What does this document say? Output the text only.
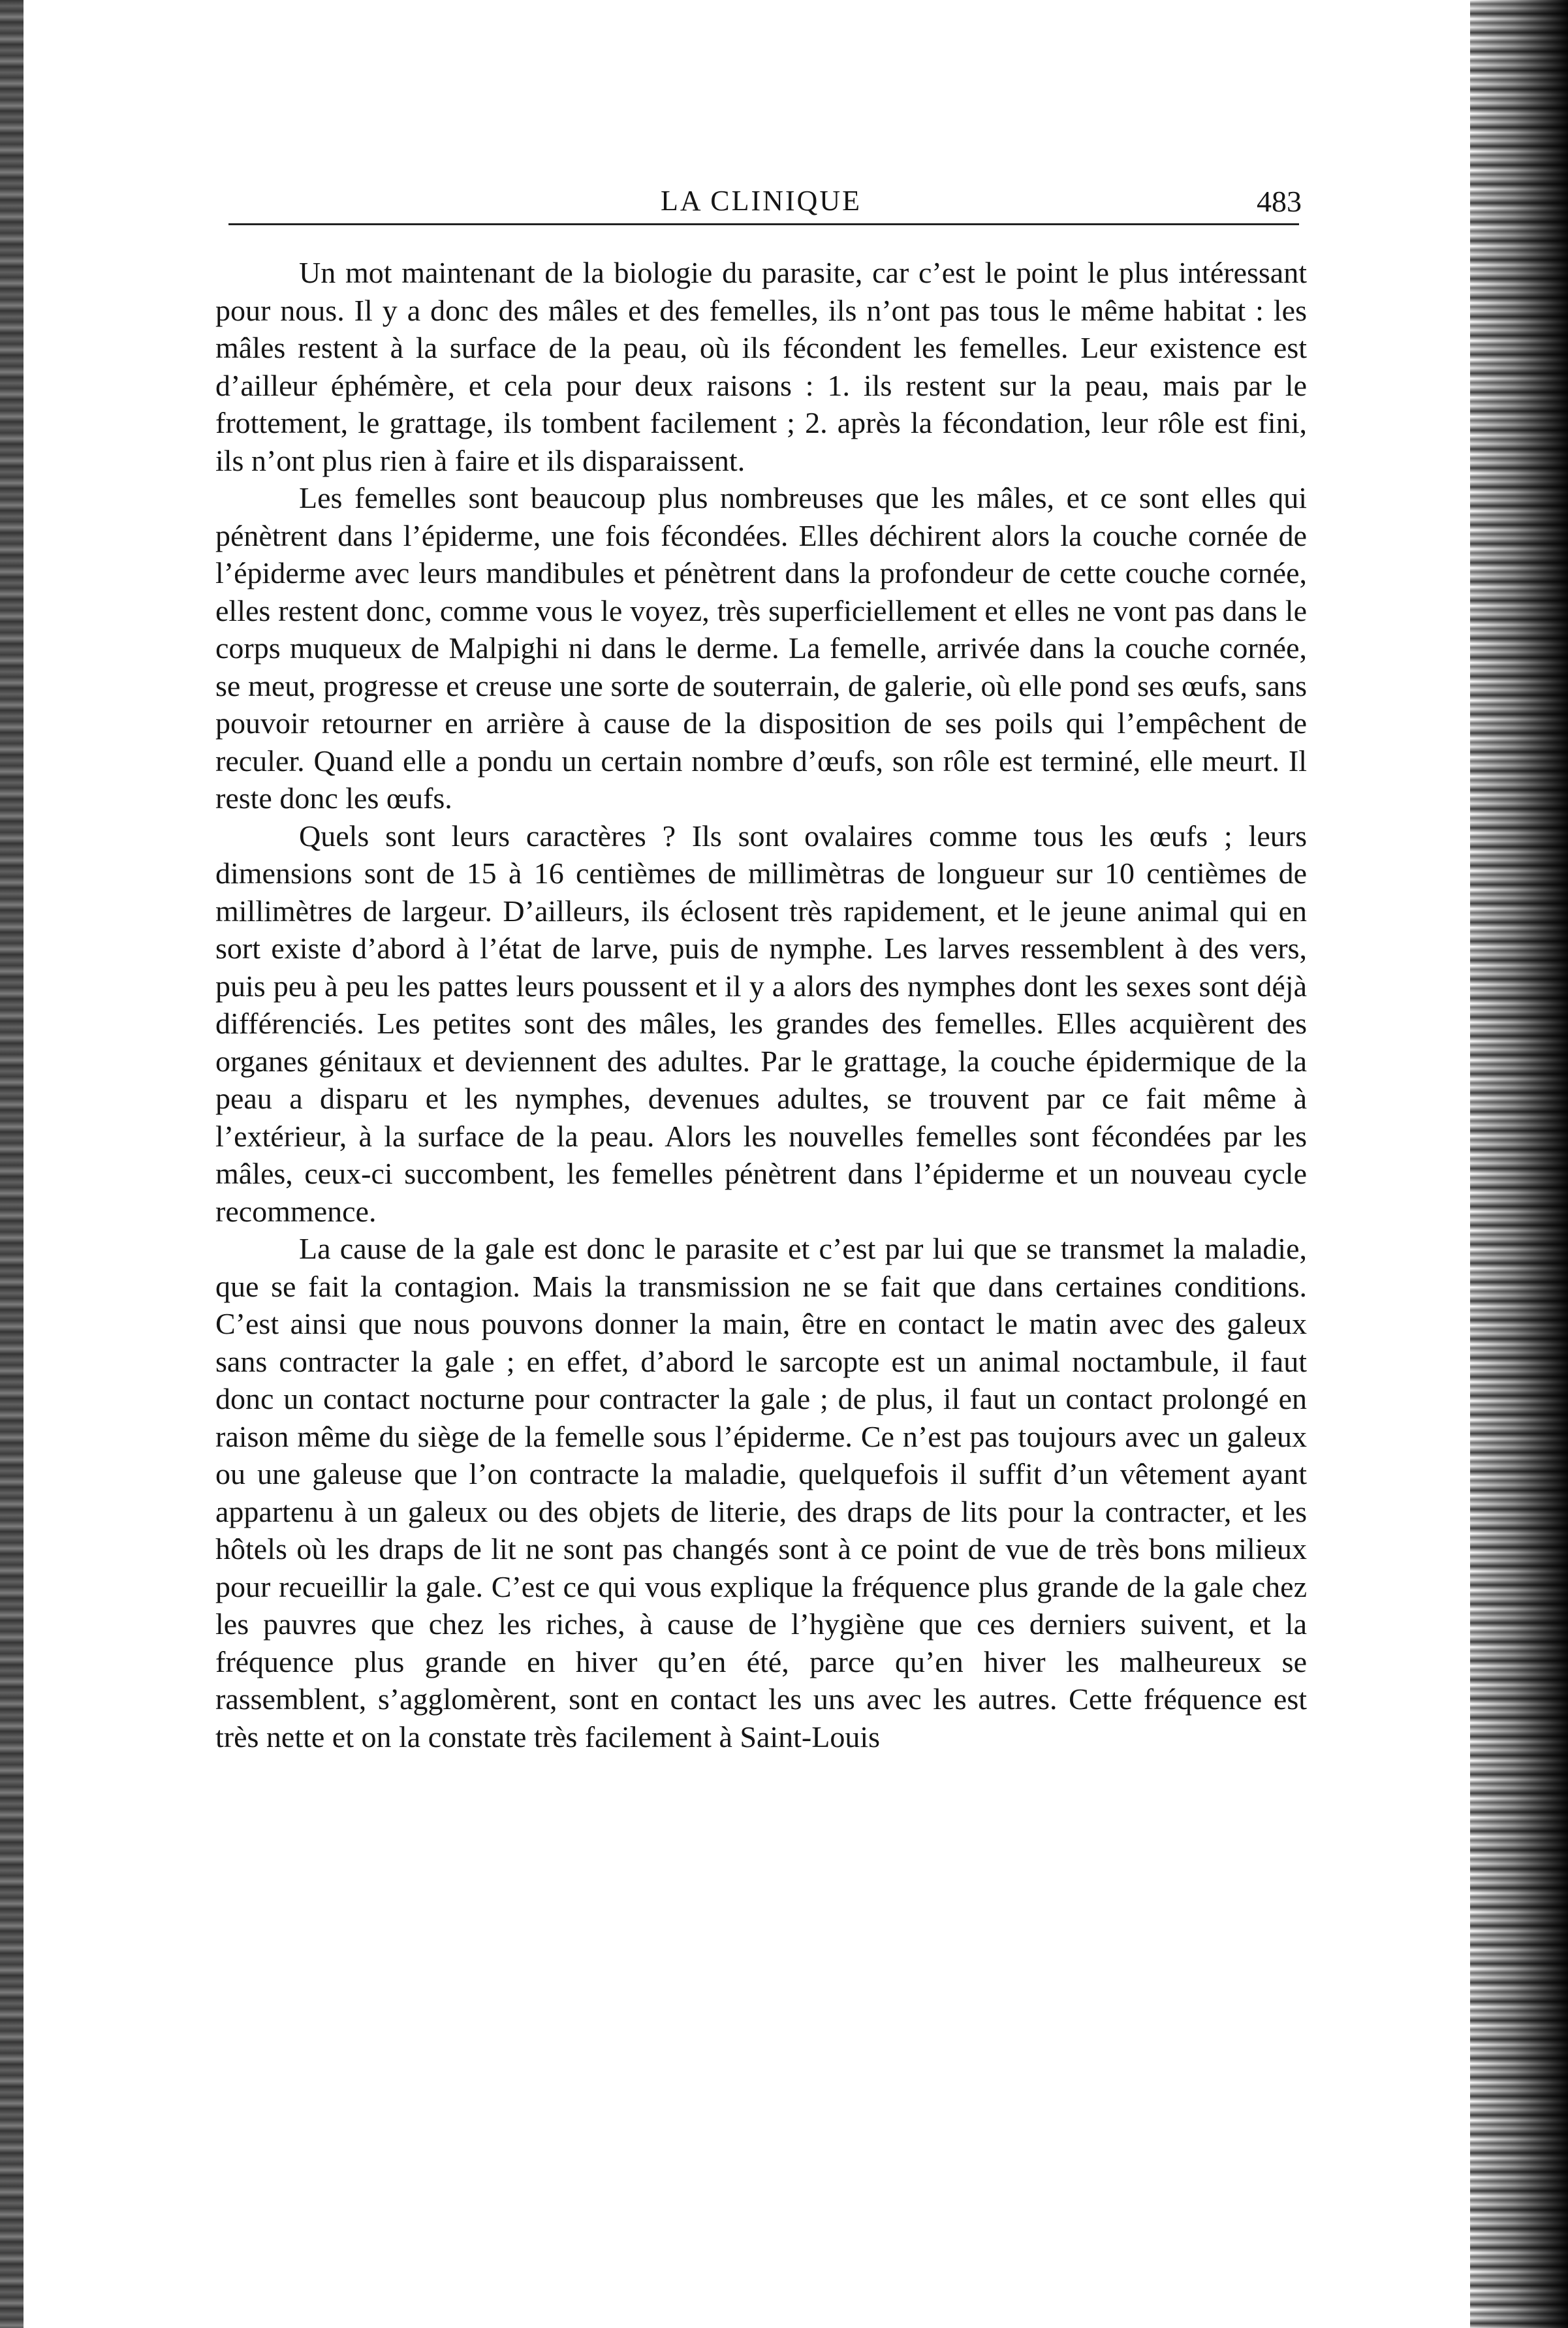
LA CLINIQUE	483

Un mot maintenant de la biologie du parasite, car c’est le point le plus intéressant pour nous. Il y a donc des mâles et des femelles, ils n’ont pas tous le même habitat : les mâles restent à la surface de la peau, où ils fécondent les femelles. Leur existence est d’ailleur éphémère, et cela pour deux raisons : 1. ils restent sur la peau, mais par le frottement, le grattage, ils tombent facilement ; 2. après la fécondation, leur rôle est fini, ils n’ont plus rien à faire et ils disparaissent.

Les femelles sont beaucoup plus nombreuses que les mâles, et ce sont elles qui pénètrent dans l’épiderme, une fois fécondées. Elles déchirent alors la couche cornée de l’épiderme avec leurs mandibules et pénètrent dans la profondeur de cette couche cornée, elles restent donc, comme vous le voyez, très superficiellement et elles ne vont pas dans le corps muqueux de Malpighi ni dans le derme. La femelle, arrivée dans la couche cornée, se meut, progresse et creuse une sorte de souterrain, de galerie, où elle pond ses œufs, sans pouvoir retourner en arrière à cause de la disposition de ses poils qui l’empêchent de reculer. Quand elle a pondu un certain nombre d’œufs, son rôle est terminé, elle meurt. Il reste donc les œufs.

Quels sont leurs caractères ? Ils sont ovalaires comme tous les œufs ; leurs dimensions sont de 15 à 16 centièmes de millimètras de longueur sur 10 centièmes de millimètres de largeur. D’ailleurs, ils éclosent très rapidement, et le jeune animal qui en sort existe d’abord à l’état de larve, puis de nymphe. Les larves ressemblent à des vers, puis peu à peu les pattes leurs poussent et il y a alors des nymphes dont les sexes sont déjà différenciés. Les petites sont des mâles, les grandes des femelles. Elles acquièrent des organes génitaux et deviennent des adultes. Par le grattage, la couche épidermique de la peau a disparu et les nymphes, devenues adultes, se trouvent par ce fait même à l’extérieur, à la surface de la peau. Alors les nouvelles femelles sont fécondées par les mâles, ceux-ci succombent, les femelles pénètrent dans l’épiderme et un nouveau cycle recommence.

La cause de la gale est donc le parasite et c’est par lui que se transmet la maladie, que se fait la contagion. Mais la transmission ne se fait que dans certaines conditions. C’est ainsi que nous pouvons donner la main, être en contact le matin avec des galeux sans contracter la gale ; en effet, d’abord le sarcopte est un animal noctambule, il faut donc un contact nocturne pour contracter la gale ; de plus, il faut un contact prolongé en raison même du siège de la femelle sous l’épiderme. Ce n’est pas toujours avec un galeux ou une galeuse que l’on contracte la maladie, quelquefois il suffit d’un vêtement ayant appartenu à un galeux ou des objets de literie, des draps de lits pour la contracter, et les hôtels où les draps de lit ne sont pas changés sont à ce point de vue de très bons milieux pour recueillir la gale. C’est ce qui vous explique la fréquence plus grande de la gale chez les pauvres que chez les riches, à cause de l’hygiène que ces derniers suivent, et la fréquence plus grande en hiver qu’en été, parce qu’en hiver les malheureux se rassemblent, s’agglomèrent, sont en contact les uns avec les autres. Cette fréquence est très nette et on la constate très facilement à Saint-Louis
